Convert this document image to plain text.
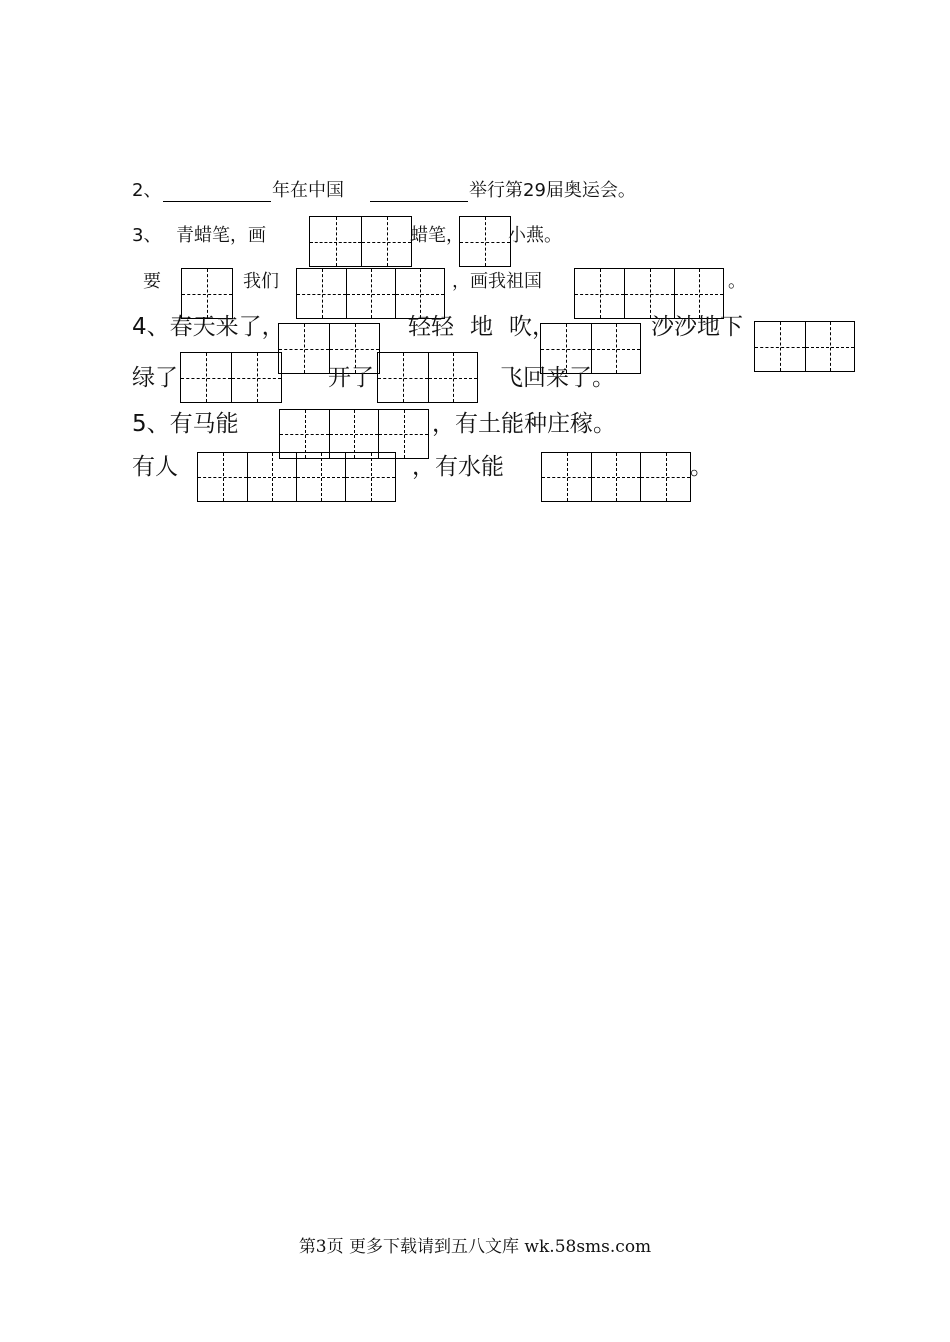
2、	年在中国	举行第29届奥运会。
3、 青蜡笔，画	蜡笔， 小燕。
要	我们	，画我祖国	。
4、春天来了，	轻轻 地 吹，	沙沙地下
绿了	开了	飞回来了。
5、有马能	，有土能种庄稼。
有人	，有水能	。
第3页 更多下载请到五八文库 wk.58sms.com
